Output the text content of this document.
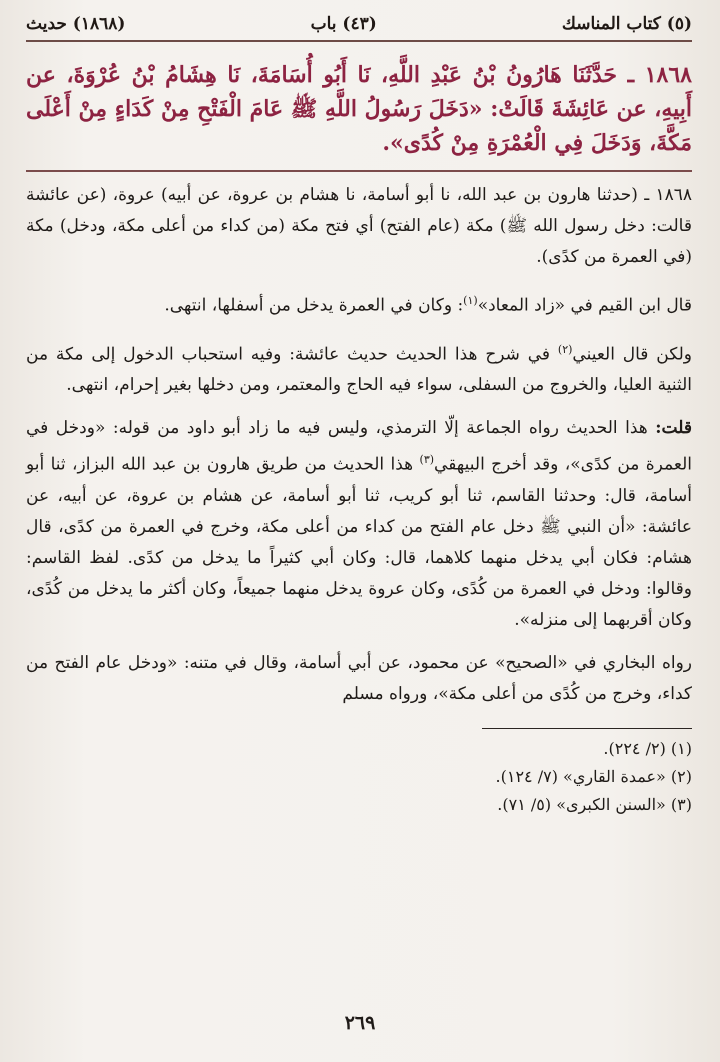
(٥) كتاب المناسك
(٤٣) باب
(١٨٦٨) حديث
١٨٦٨ ـ حَدَّثَنَا هَارُونُ بْنُ عَبْدِ اللَّهِ، نَا أَبُو أُسَامَةَ، نَا هِشَامُ بْنُ عُرْوَةَ، عن أَبِيهِ، عن عَائِشَةَ قَالَتْ: «دَخَلَ رَسُولُ اللَّهِ ﷺ عَامَ الْفَتْحِ مِنْ كَدَاءٍ مِنْ أَعْلَى مَكَّةَ، وَدَخَلَ فِي الْعُمْرَةِ مِنْ كُدًى».

١٨٦٨ ـ (حدثنا هارون بن عبد الله، نا أبو أسامة، نا هشام بن عروة، عن أبيه) عروة، (عن عائشة قالت: دخل رسول الله ﷺ) مكة (عام الفتح) أي فتح مكة (من كداء من أعلى مكة، ودخل) مكة (في العمرة من كدًى).

قال ابن القيم في «زاد المعاد»$^{(١)}$: وكان في العمرة يدخل من أسفلها، انتهى.

ولكن قال العيني$^{(٢)}$ في شرح هذا الحديث حديث عائشة: وفيه استحباب الدخول إلى مكة من الثنية العليا، والخروج من السفلى، سواء فيه الحاج والمعتمر، ومن دخلها بغير إحرام، انتهى.

قلت: هذا الحديث رواه الجماعة إلّا الترمذي، وليس فيه ما زاد أبو داود من قوله: «ودخل في العمرة من كدًى»، وقد أخرج البيهقي$^{(٣)}$ هذا الحديث من طريق هارون بن عبد الله البزاز، ثنا أبو أسامة، قال: وحدثنا القاسم، ثنا أبو كريب، ثنا أبو أسامة، عن هشام بن عروة، عن أبيه، عن عائشة: «أن النبي ﷺ دخل عام الفتح من كداء من أعلى مكة، وخرج في العمرة من كدًى، قال هشام: فكان أبي يدخل منهما كلاهما، قال: وكان أبي كثيراً ما يدخل من كدًى. لفظ القاسم: وقالوا: ودخل في العمرة من كُدًى، وكان عروة يدخل منهما جميعاً، وكان أكثر ما يدخل من كُدًى، وكان أقربهما إلى منزله».

رواه البخاري في «الصحيح» عن محمود، عن أبي أسامة، وقال في متنه: «ودخل عام الفتح من كداء، وخرج من كُدًى من أعلى مكة»، ورواه مسلم

(١) (٢/ ٢٢٤).
(٢) «عمدة القاري» (٧/ ١٢٤).
(٣) «السنن الكبرى» (٥/ ٧١).
٢٦٩
